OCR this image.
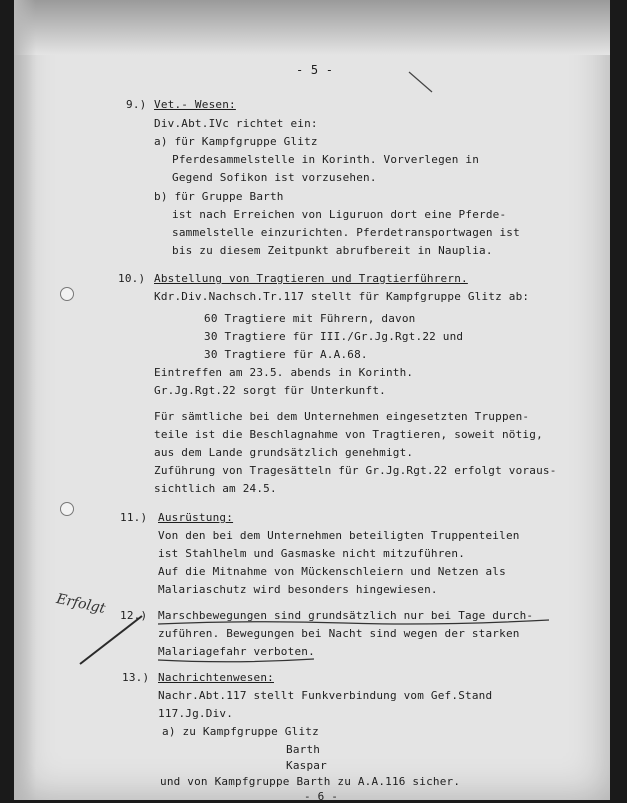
- 5 -
9.) Vet.- Wesen:
Div.Abt.IVc richtet ein:
a) für Kampfgruppe Glitz
Pferdesammelstelle in Korinth. Vorverlegen in
Gegend Sofikon ist vorzusehen.
b) für Gruppe Barth
ist nach Erreichen von Liguruon dort eine Pferde-
sammelstelle einzurichten. Pferdetransportwagen ist
bis zu diesem Zeitpunkt abrufbereit in Nauplia.
10.) Abstellung von Tragtieren und Tragtierführern.
Kdr.Div.Nachsch.Tr.117 stellt für Kampfgruppe Glitz ab:
60 Tragtiere mit Führern, davon
30 Tragtiere für III./Gr.Jg.Rgt.22 und
30 Tragtiere für A.A.68.
Eintreffen am 23.5. abends in Korinth.
Gr.Jg.Rgt.22 sorgt für Unterkunft.
Für sämtliche bei dem Unternehmen eingesetzten Truppen-
teile ist die Beschlagnahme von Tragtieren, soweit nötig,
aus dem Lande grundsätzlich genehmigt.
Zuführung von Tragesätteln für Gr.Jg.Rgt.22 erfolgt voraus-
sichtlich am 24.5.
11.) Ausrüstung:
Von den bei dem Unternehmen beteiligten Truppenteilen
ist Stahlhelm und Gasmaske nicht mitzuführen.
Auf die Mitnahme von Mückenschleiern und Netzen als
Malariaschutz wird besonders hingewiesen.
12.) Marschbewegungen sind grundsätzlich nur bei Tage durch-
zuführen. Bewegungen bei Nacht sind wegen der starken
Malariagefahr verboten.
13.) Nachrichtenwesen:
Nachr.Abt.117 stellt Funkverbindung vom Gef.Stand
117.Jg.Div.
a) zu Kampfgruppe Glitz
Barth
Kaspar
und von Kampfgruppe Barth zu A.A.116 sicher.
- 6 -
Erfolgt
